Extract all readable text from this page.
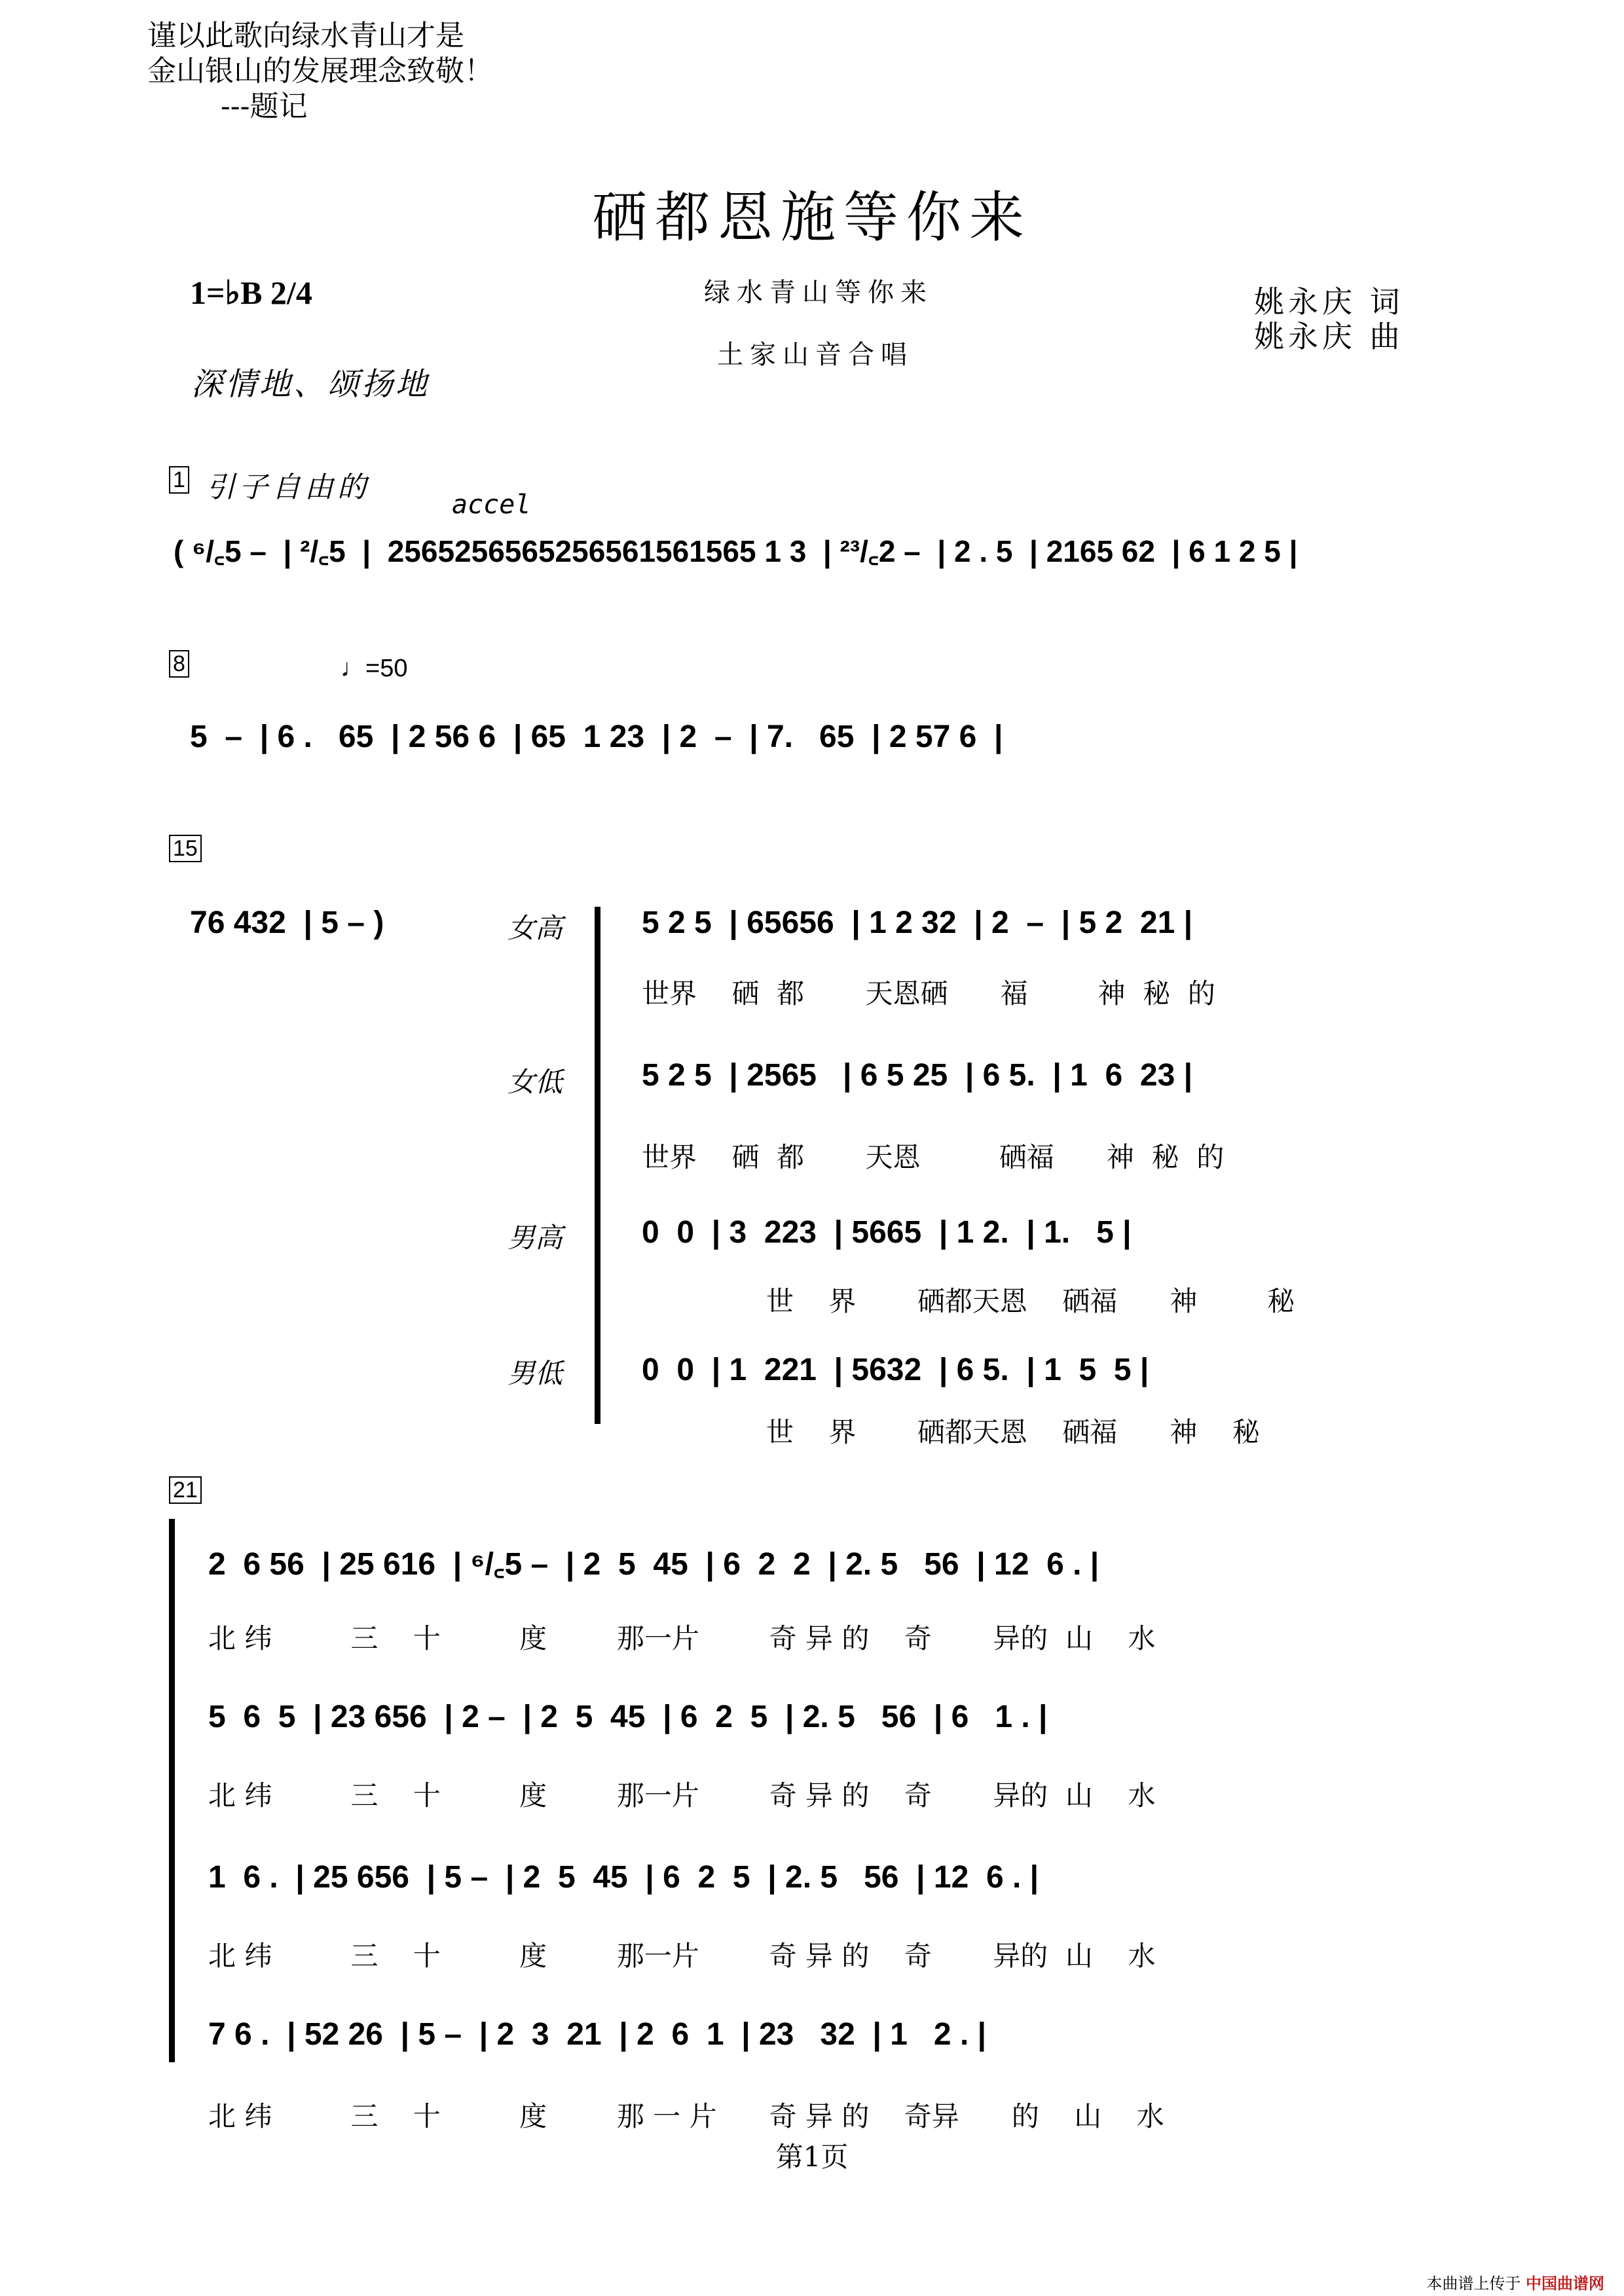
谨以此歌向绿水青山才是
金山银山的发展理念致敬！
---题记
硒都恩施等你来
绿水青山等你来
土家山音合唱
姚永庆 词
姚永庆 曲
1=♭B 2/4
深情地、颂扬地
1 引子自由的
accel
( ⁶/꜀5 –  | ²/꜀5  |  2565256565256561561565 1 3  | ²³/꜀2 –  | 2 . 5  | 2165 62  | 6 1 2 5 |
8	♩=50
5  –  | 6 .   65  | 2 56 6  | 65  1 23  | 2  –  | 7.   65  | 2 57 6  |
15
76 432  | 5 – )	女高	5 2 5  | 65656  | 1 2 32  | 2  –  | 5 2  21 |
世界    硒  都       天恩硒      福        神  秘  的
女低	5 2 5  | 2565   | 6 5 25  | 6 5.  | 1  6  23 |
世界    硒  都       天恩         硒福      神  秘  的
男高	0  0  | 3  223  | 5665  | 1 2.  | 1.   5 |
世    界       硒都天恩    硒福      神        秘
男低	0  0  | 1  221  | 5632  | 6 5.  | 1  5  5 |
世    界       硒都天恩    硒福      神    秘
21
2  6 56  | 25 616  | ⁶/꜀5 –  | 2  5  45  | 6  2  2  | 2. 5   56  | 12  6 . |
北 纬         三    十         度        那一片        奇 异 的    奇       异的  山    水
5  6  5  | 23 656  | 2 –  | 2  5  45  | 6  2  5  | 2. 5   56  | 6   1 . |
北 纬         三    十         度        那一片        奇 异 的    奇       异的  山    水
1  6 .  | 25 656  | 5 –  | 2  5  45  | 6  2  5  | 2. 5   56  | 12  6 . |
北 纬         三    十         度        那一片        奇 异 的    奇       异的  山    水
7 6 .  | 52 26  | 5 –  | 2  3  21  | 2  6  1  | 23   32  | 1   2 . |
北 纬         三    十         度        那 一 片      奇 异 的    奇异      的    山    水
第1页
本曲谱上传于 中国曲谱网
